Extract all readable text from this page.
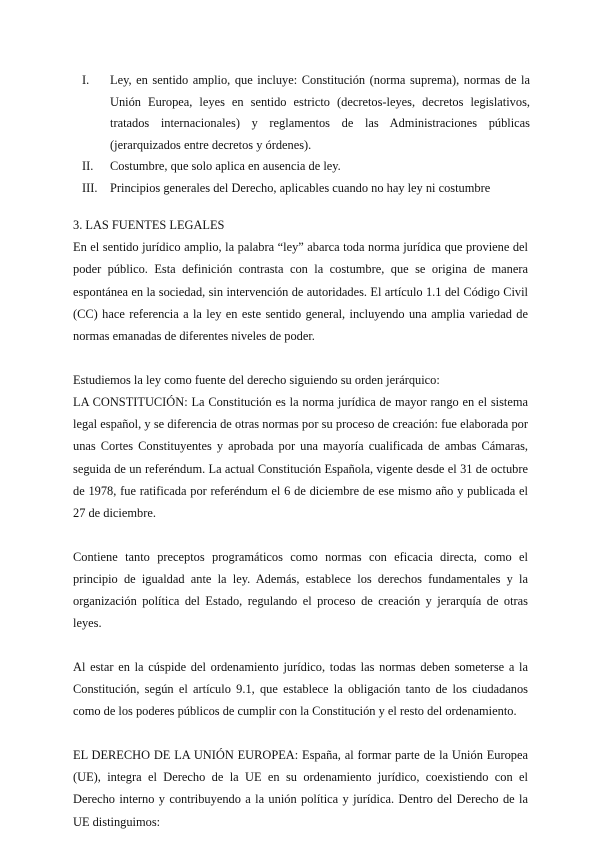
I.	Ley, en sentido amplio, que incluye: Constitución (norma suprema), normas de la Unión Europea, leyes en sentido estricto (decretos-leyes, decretos legislativos, tratados internacionales) y reglamentos de las Administraciones públicas (jerarquizados entre decretos y órdenes).
II.	Costumbre, que solo aplica en ausencia de ley.
III.	Principios generales del Derecho, aplicables cuando no hay ley ni costumbre

3. LAS FUENTES LEGALES

En el sentido jurídico amplio, la palabra “ley” abarca toda norma jurídica que proviene del poder público. Esta definición contrasta con la costumbre, que se origina de manera espontánea en la sociedad, sin intervención de autoridades. El artículo 1.1 del Código Civil (CC) hace referencia a la ley en este sentido general, incluyendo una amplia variedad de normas emanadas de diferentes niveles de poder.

Estudiemos la ley como fuente del derecho siguiendo su orden jerárquico:

LA CONSTITUCIÓN: La Constitución es la norma jurídica de mayor rango en el sistema legal español, y se diferencia de otras normas por su proceso de creación: fue elaborada por unas Cortes Constituyentes y aprobada por una mayoría cualificada de ambas Cámaras, seguida de un referéndum. La actual Constitución Española, vigente desde el 31 de octubre de 1978, fue ratificada por referéndum el 6 de diciembre de ese mismo año y publicada el 27 de diciembre.

Contiene tanto preceptos programáticos como normas con eficacia directa, como el principio de igualdad ante la ley. Además, establece los derechos fundamentales y la organización política del Estado, regulando el proceso de creación y jerarquía de otras leyes.

Al estar en la cúspide del ordenamiento jurídico, todas las normas deben someterse a la Constitución, según el artículo 9.1, que establece la obligación tanto de los ciudadanos como de los poderes públicos de cumplir con la Constitución y el resto del ordenamiento.

EL DERECHO DE LA UNIÓN EUROPEA: España, al formar parte de la Unión Europea (UE), integra el Derecho de la UE en su ordenamiento jurídico, coexistiendo con el Derecho interno y contribuyendo a la unión política y jurídica. Dentro del Derecho de la UE distinguimos:
